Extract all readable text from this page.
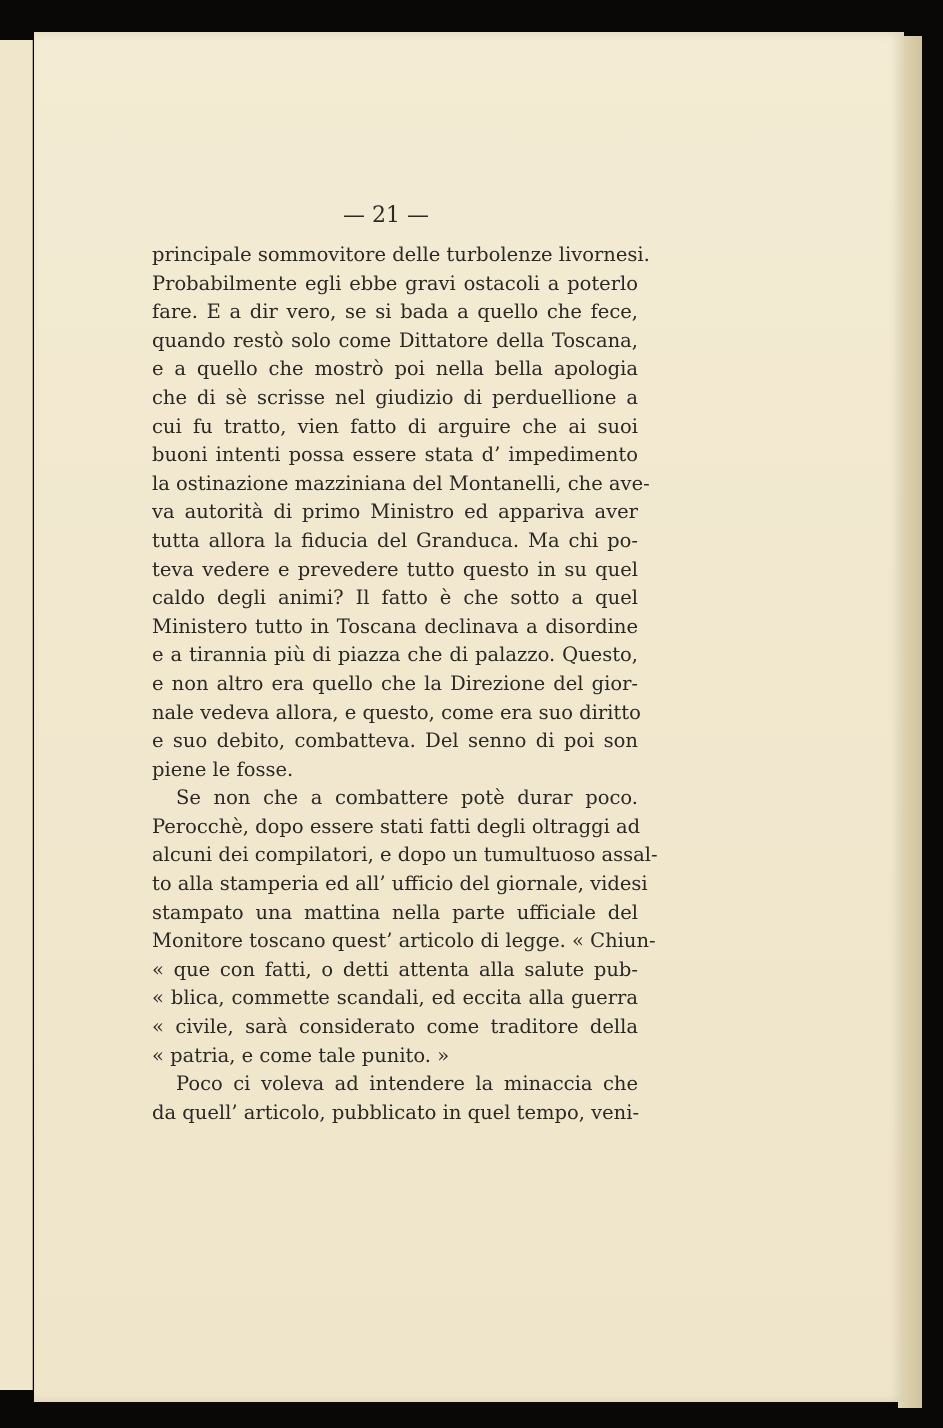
— 21 —
principale sommovitore delle turbolenze livornesi.
Probabilmente egli ebbe gravi ostacoli a poterlo
fare. E a dir vero, se si bada a quello che fece,
quando restò solo come Dittatore della Toscana,
e a quello che mostrò poi nella bella apologia
che di sè scrisse nel giudizio di perduellione a
cui fu tratto, vien fatto di arguire che ai suoi
buoni intenti possa essere stata d’ impedimento
la ostinazione mazziniana del Montanelli, che ave-
va autorità di primo Ministro ed appariva aver
tutta allora la fiducia del Granduca. Ma chi po-
teva vedere e prevedere tutto questo in su quel
caldo degli animi? Il fatto è che sotto a quel
Ministero tutto in Toscana declinava a disordine
e a tirannia più di piazza che di palazzo. Questo,
e non altro era quello che la Direzione del gior-
nale vedeva allora, e questo, come era suo diritto
e suo debito, combatteva. Del senno di poi son
piene le fosse.
Se non che a combattere potè durar poco.
Perocchè, dopo essere stati fatti degli oltraggi ad
alcuni dei compilatori, e dopo un tumultuoso assal-
to alla stamperia ed all’ ufficio del giornale, videsi
stampato una mattina nella parte ufficiale del
Monitore toscano quest’ articolo di legge. « Chiun-
« que con fatti, o detti attenta alla salute pub-
« blica, commette scandali, ed eccita alla guerra
« civile, sarà considerato come traditore della
« patria, e come tale punito. »
Poco ci voleva ad intendere la minaccia che
da quell’ articolo, pubblicato in quel tempo, veni-
